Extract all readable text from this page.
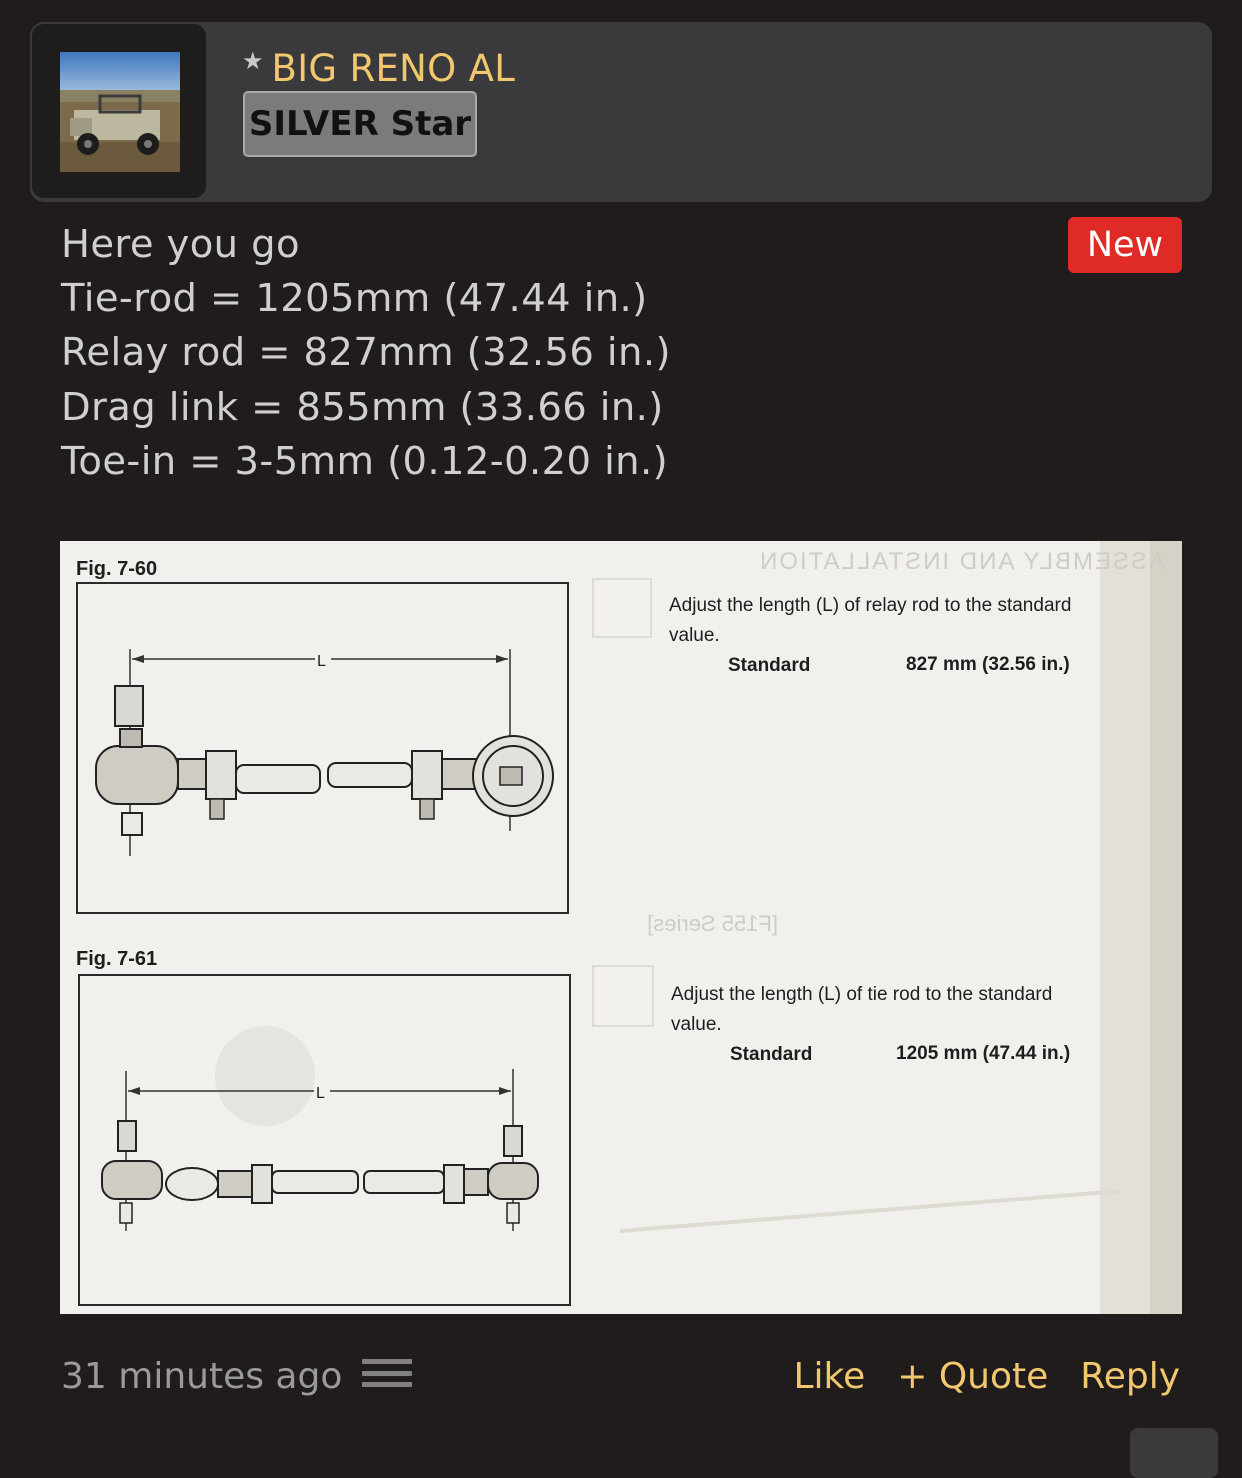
★ BIG RENO AL
SILVER Star
New
Here you go
Tie-rod = 1205mm (47.44 in.)
Relay rod = 827mm (32.56 in.)
Drag link = 855mm (33.66 in.)
Toe-in = 3-5mm (0.12-0.20 in.)
ASSEMBLY AND INSTALLATION
[F155 Series]
Fig. 7-60
L
Adjust the length (L) of relay rod to the standard
value.
Standard	827 mm (32.56 in.)
Fig. 7-61
L
Adjust the length (L) of tie rod to the standard
value.
Standard	1205 mm (47.44 in.)
31 minutes ago	Like + Quote Reply
